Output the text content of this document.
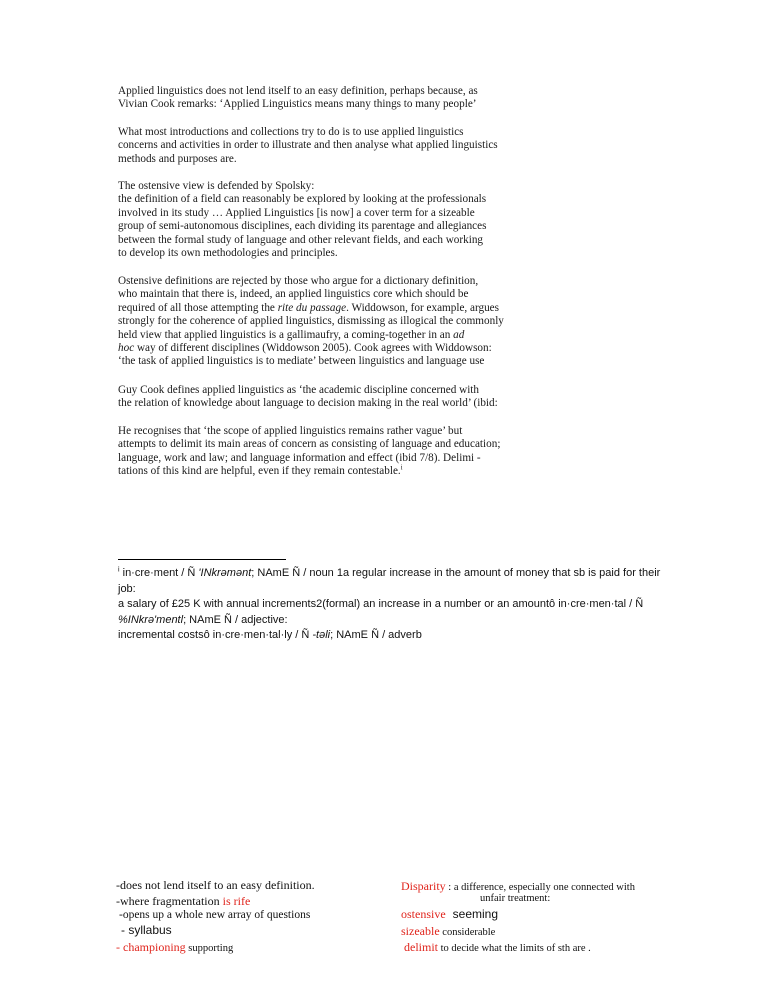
Applied linguistics does not lend itself to an easy definition, perhaps because, as
Vivian Cook remarks: ‘Applied Linguistics means many things to many people’
What most introductions and collections try to do is to use applied linguistics
concerns and activities in order to illustrate and then analyse what applied linguistics
methods and purposes are.
The ostensive view is defended by Spolsky:
the definition of a field can reasonably be explored by looking at the professionals
involved in its study … Applied Linguistics [is now] a cover term for a sizeable
group of semi-autonomous disciplines, each dividing its parentage and allegiances
between the formal study of language and other relevant fields, and each working
to develop its own methodologies and principles.
Ostensive definitions are rejected by those who argue for a dictionary definition,
who maintain that there is, indeed, an applied linguistics core which should be
required of all those attempting the rite du passage. Widdowson, for example, argues
strongly for the coherence of applied linguistics, dismissing as illogical the commonly
held view that applied linguistics is a gallimaufry, a coming-together in an ad
hoc way of different disciplines (Widdowson 2005). Cook agrees with Widdowson:
‘the task of applied linguistics is to mediate’ between linguistics and language use
Guy Cook defines applied linguistics as ‘the academic discipline concerned with
the relation of knowledge about language to decision making in the real world’ (ibid:
He recognises that ‘the scope of applied linguistics remains rather vague’ but
attempts to delimit its main areas of concern as consisting of language and education;
language, work and law; and language information and effect (ibid 7/8). Delimi -
tations of this kind are helpful, even if they remain contestable.$^i$
$^i$ in·cre·ment / Ñ 'INkrəmənt; NAmE Ñ / noun 1a regular increase in the amount of money that sb is paid for their
job:
a salary of £25 K with annual increments2(formal) an increase in a number or an amountô in·cre·men·tal / Ñ
%INkrə'mentl; NAmE Ñ / adjective:
incremental costsô in·cre·men·tal·ly / Ñ -təli; NAmE Ñ / adverb
-does not lend itself to an easy definition.
-where fragmentation is rife
-opens up a whole new array of questions
- syllabus
- championing supporting
Disparity : a difference, especially one connected with
unfair treatment:
ostensive seeming
sizeable considerable
delimit to decide what the limits of sth are .
